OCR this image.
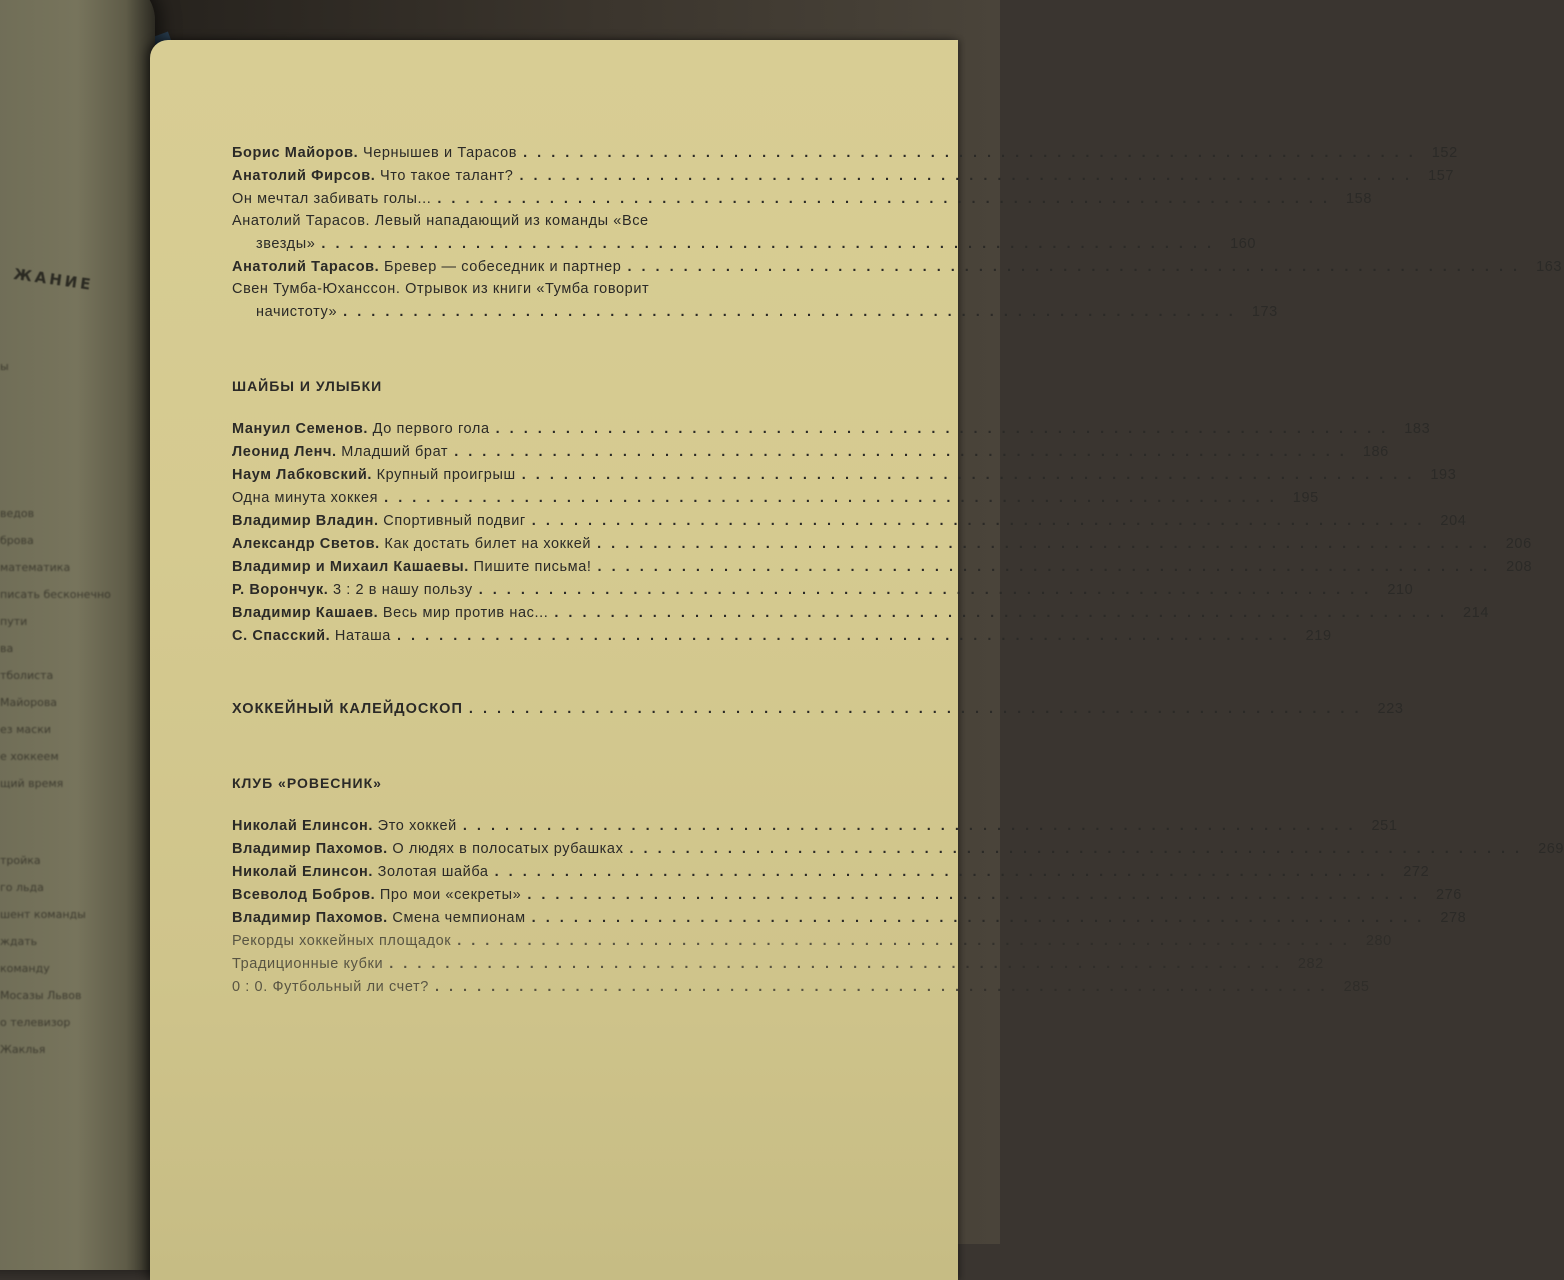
ЖАНИЕ
ы
ведов
брова
математика
писать бесконечно
пути
ва
тболиста
Майорова
ез маски
е хоккеем
щий время
тройка
го льда
шент команды
ждать
команду
Мосазы Львов
о телевизор
Жаклья
Борис Майоров. Чернышев и Тарасов . . .	152
Анатолий Фирсов. Что такое талант? . . .	157
Он мечтал забивать голы... . . .	158
Анатолий Тарасов.
Левый нападающий из команды «Все
звезды» . . .	160
Анатолий Тарасов. Бревер — собеседник и партнер . . .	163
Свен Тумба-Юханссон.
Отрывок из книги «Тумба говорит
начистоту» . . .	173
ШАЙБЫ И УЛЫБКИ
Мануил Семенов. До первого гола . . .	183
Леонид Ленч. Младший брат . . .	186
Наум Лабковский. Крупный проигрыш . . .	193
Одна минута хоккея . . .	195
Владимир Владин. Спортивный подвиг . . .	204
Александр Светов. Как достать билет на хоккей . . .	206
Владимир и Михаил Кашаевы. Пишите письма! . . .	208
Р. Ворончук. 3 : 2 в нашу пользу . . .	210
Владимир Кашаев. Весь мир против нас... . . .	214
С. Спасский. Наташа . . .	219
ХОККЕЙНЫЙ КАЛЕЙДОСКОП . . .	223
КЛУБ «РОВЕСНИК»
Николай Елинсон. Это хоккей . . .	251
Владимир Пахомов. О людях в полосатых рубашках . . .	269
Николай Елинсон. Золотая шайба . . .	272
Всеволод Бобров. Про мои «секреты» . . .	276
Владимир Пахомов. Смена чемпионам . . .	278
Рекорды хоккейных площадок . . .	280
Традиционные кубки . . .	282
0 : 0. Футбольный ли счет? . . .	285
